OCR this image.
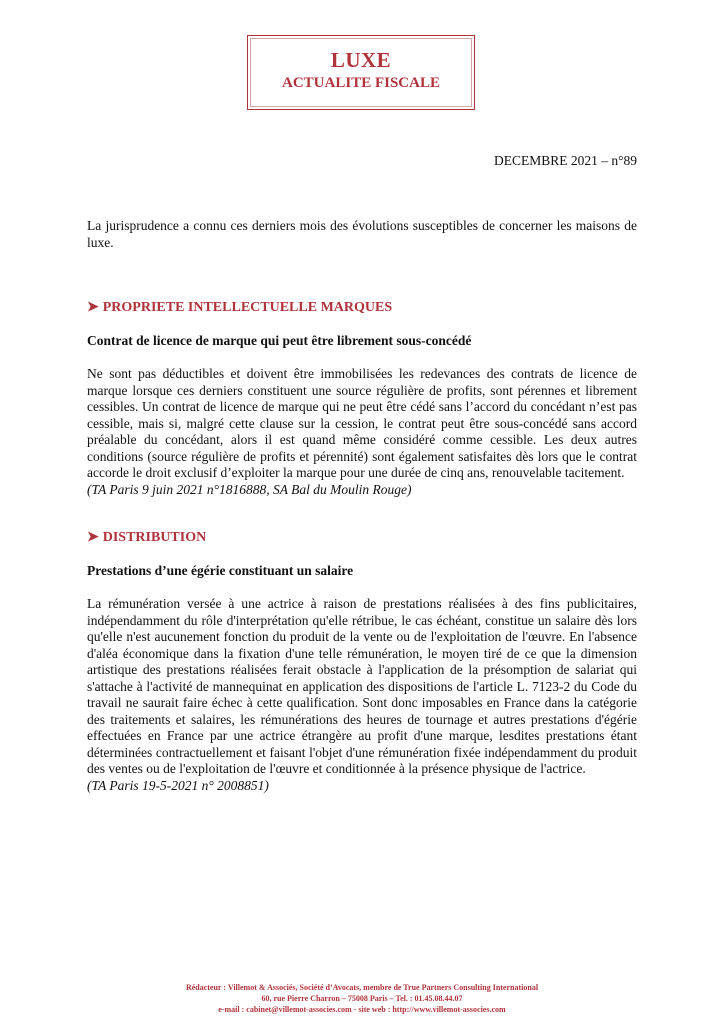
LUXE
ACTUALITE FISCALE
DECEMBRE 2021 – n°89

La jurisprudence a connu ces derniers mois des évolutions susceptibles de concerner les maisons de luxe.

➤ PROPRIETE INTELLECTUELLE MARQUES

Contrat de licence de marque qui peut être librement sous-concédé

Ne sont pas déductibles et doivent être immobilisées les redevances des contrats de licence de marque lorsque ces derniers constituent une source régulière de profits, sont pérennes et librement cessibles. Un contrat de licence de marque qui ne peut être cédé sans l’accord du concédant n’est pas cessible, mais si, malgré cette clause sur la cession, le contrat peut être sous-concédé sans accord préalable du concédant, alors il est quand même considéré comme cessible. Les deux autres conditions (source régulière de profits et pérennité) sont également satisfaites dès lors que le contrat accorde le droit exclusif d’exploiter la marque pour une durée de cinq ans, renouvelable tacitement.

(TA Paris 9 juin 2021 n°1816888, SA Bal du Moulin Rouge)

➤ DISTRIBUTION

Prestations d’une égérie constituant un salaire

La rémunération versée à une actrice à raison de prestations réalisées à des fins publicitaires, indépendamment du rôle d'interprétation qu'elle rétribue, le cas échéant, constitue un salaire dès lors qu'elle n'est aucunement fonction du produit de la vente ou de l'exploitation de l'œuvre. En l'absence d'aléa économique dans la fixation d'une telle rémunération, le moyen tiré de ce que la dimension artistique des prestations réalisées ferait obstacle à l'application de la présomption de salariat qui s'attache à l'activité de mannequinat en application des dispositions de l'article L. 7123-2 du Code du travail ne saurait faire échec à cette qualification. Sont donc imposables en France dans la catégorie des traitements et salaires, les rémunérations des heures de tournage et autres prestations d'égérie effectuées en France par une actrice étrangère au profit d'une marque, lesdites prestations étant déterminées contractuellement et faisant l'objet d'une rémunération fixée indépendamment du produit des ventes ou de l'exploitation de l'œuvre et conditionnée à la présence physique de l'actrice.

(TA Paris 19-5-2021 n° 2008851)

Rédacteur : Villemot & Associés, Société d’Avocats, membre de True Partners Consulting International
60, rue Pierre Charron – 75008 Paris – Tel. : 01.45.08.44.07
e-mail : cabinet@villemot-associes.com - site web : http://www.villemot-associes.com
